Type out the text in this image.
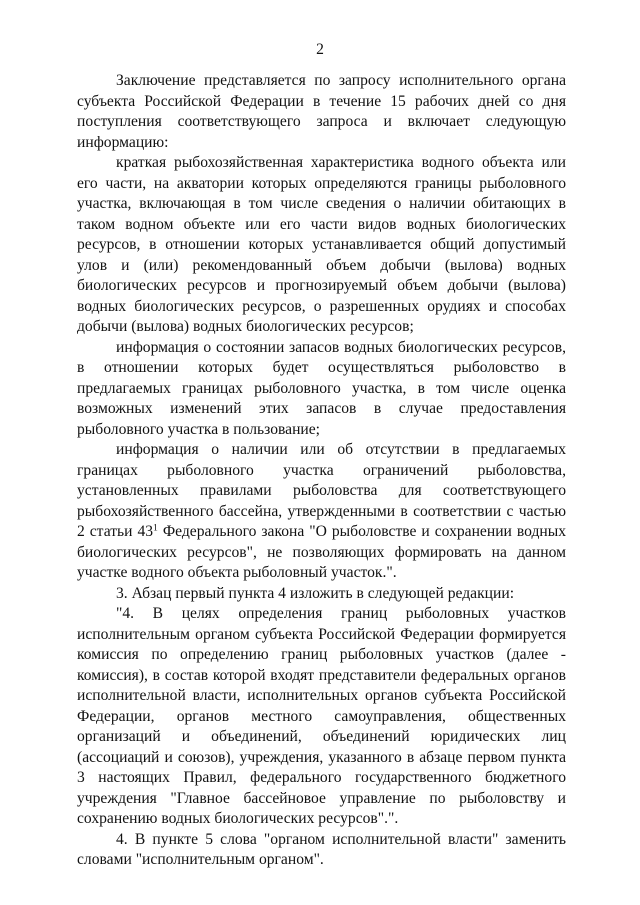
2

Заключение представляется по запросу исполнительного органа субъекта Российской Федерации в течение 15 рабочих дней со дня поступления соответствующего запроса и включает следующую информацию:

краткая рыбохозяйственная характеристика водного объекта или его части, на акватории которых определяются границы рыболовного участка, включающая в том числе сведения о наличии обитающих в таком водном объекте или его части видов водных биологических ресурсов, в отношении которых устанавливается общий допустимый улов и (или) рекомендованный объем добычи (вылова) водных биологических ресурсов и прогнозируемый объем добычи (вылова) водных биологических ресурсов, о разрешенных орудиях и способах добычи (вылова) водных биологических ресурсов;

информация о состоянии запасов водных биологических ресурсов, в отношении которых будет осуществляться рыболовство в предлагаемых границах рыболовного участка, в том числе оценка возможных изменений этих запасов в случае предоставления рыболовного участка в пользование;

информация о наличии или об отсутствии в предлагаемых границах рыболовного участка ограничений рыболовства, установленных правилами рыболовства для соответствующего рыбохозяйственного бассейна, утвержденными в соответствии с частью 2 статьи $43^1$ Федерального закона "О рыболовстве и сохранении водных биологических ресурсов", не позволяющих формировать на данном участке водного объекта рыболовный участок.".

3. Абзац первый пункта 4 изложить в следующей редакции:

"4. В целях определения границ рыболовных участков исполнительным органом субъекта Российской Федерации формируется комиссия по определению границ рыболовных участков (далее - комиссия), в состав которой входят представители федеральных органов исполнительной власти, исполнительных органов субъекта Российской Федерации, органов местного самоуправления, общественных организаций и объединений, объединений юридических лиц (ассоциаций и союзов), учреждения, указанного в абзаце первом пункта 3 настоящих Правил, федерального государственного бюджетного учреждения "Главное бассейновое управление по рыболовству и сохранению водных биологических ресурсов".".

4. В пункте 5 слова "органом исполнительной власти" заменить словами "исполнительным органом".
